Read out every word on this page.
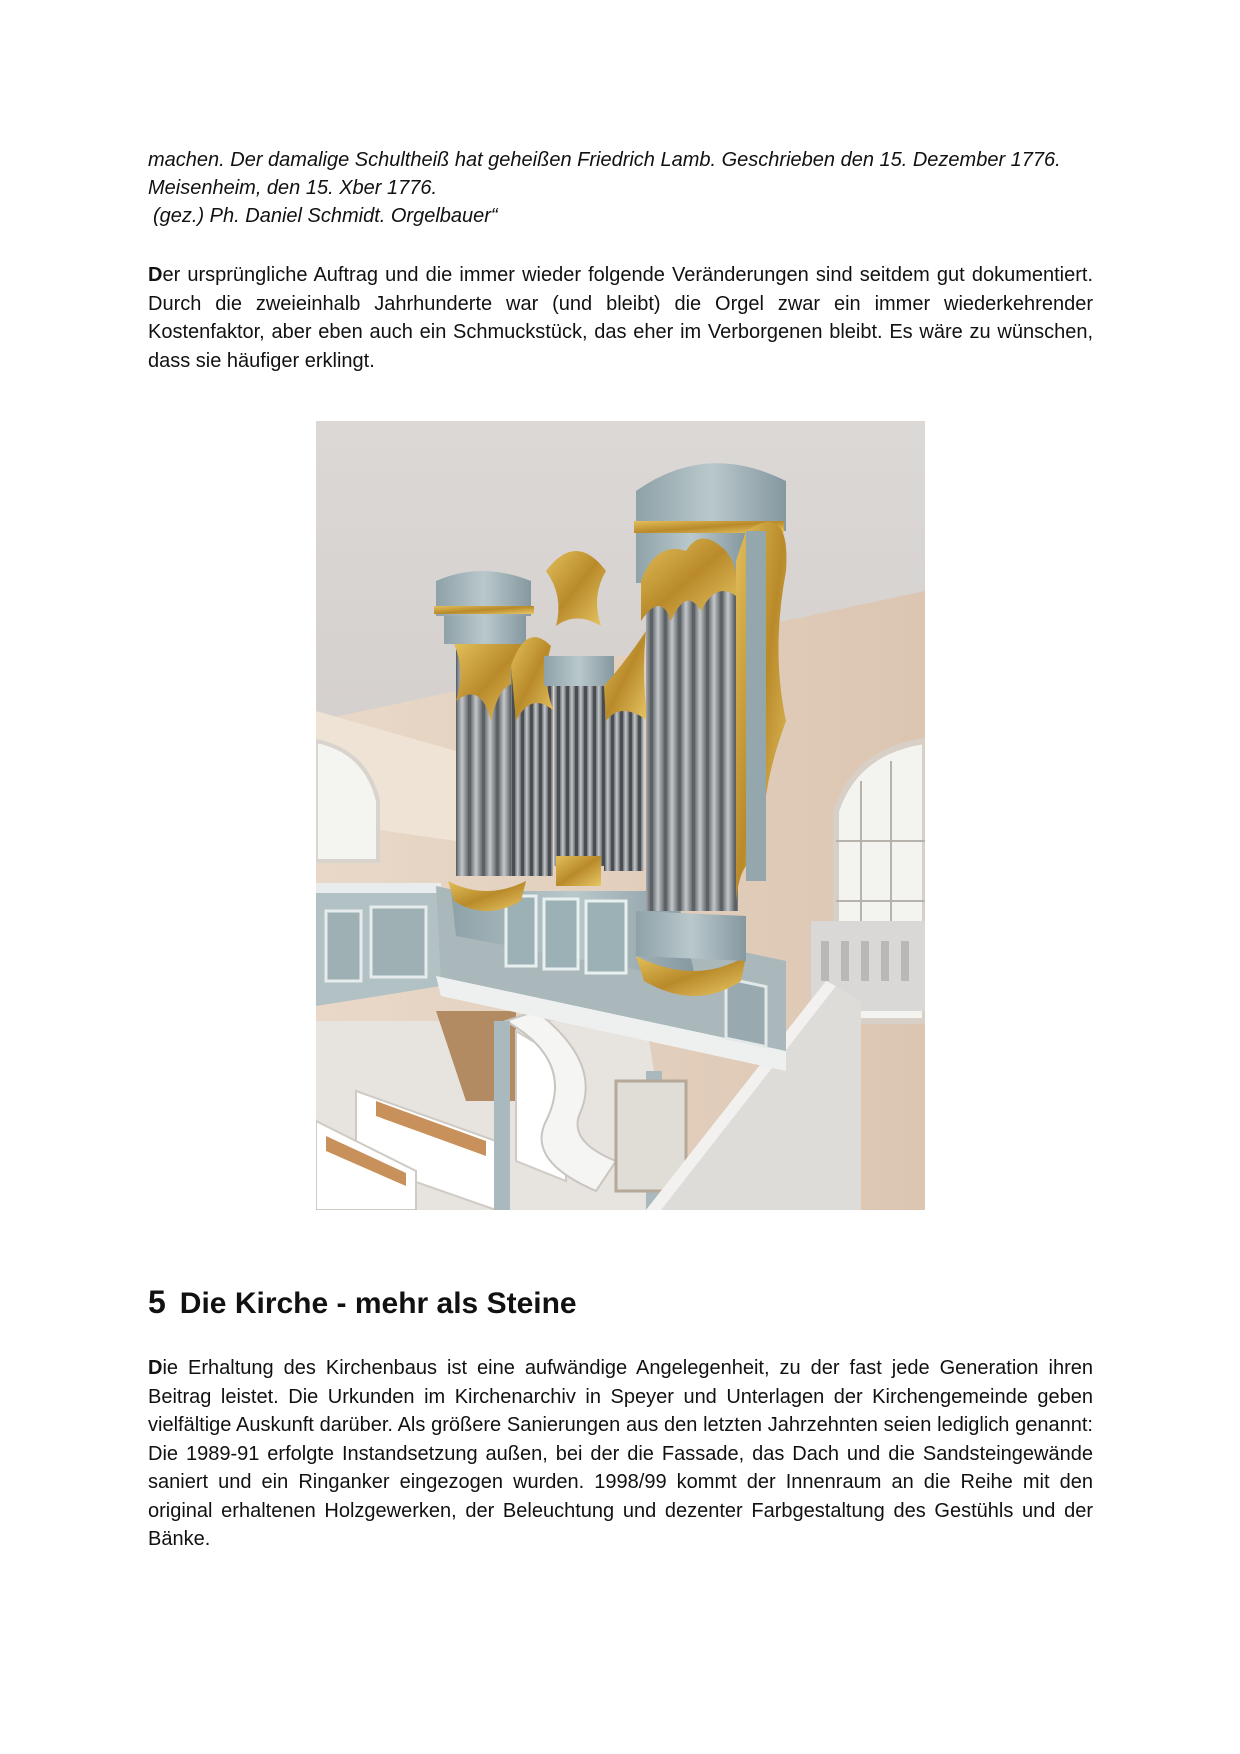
machen. Der damalige Schultheiß hat geheißen Friedrich Lamb. Geschrieben den 15. Dezember 1776.

Meisenheim, den 15. Xber 1776.

(gez.) Ph. Daniel Schmidt. Orgelbauer“

Der ursprüngliche Auftrag und die immer wieder folgende Veränderungen sind seitdem gut dokumentiert. Durch die zweieinhalb Jahrhunderte war (und bleibt) die Orgel zwar ein immer wiederkehrender Kostenfaktor, aber eben auch ein Schmuckstück, das eher im Verborgenen bleibt. Es wäre zu wünschen, dass sie häufiger erklingt.

5 Die Kirche - mehr als Steine

Die Erhaltung des Kirchenbaus ist eine aufwändige Angelegenheit, zu der fast jede Generation ihren Beitrag leistet. Die Urkunden im Kirchenarchiv in Speyer und Unterlagen der Kirchengemeinde geben vielfältige Auskunft darüber. Als größere Sanierungen aus den letzten Jahrzehnten seien lediglich genannt: Die 1989-91 erfolgte Instandsetzung außen, bei der die Fassade, das Dach und die Sandsteingewände saniert und ein Ringanker eingezogen wurden. 1998/99 kommt der Innenraum an die Reihe mit den original erhaltenen Holzgewerken, der Beleuchtung und dezenter Farbgestaltung des Gestühls und der Bänke.
